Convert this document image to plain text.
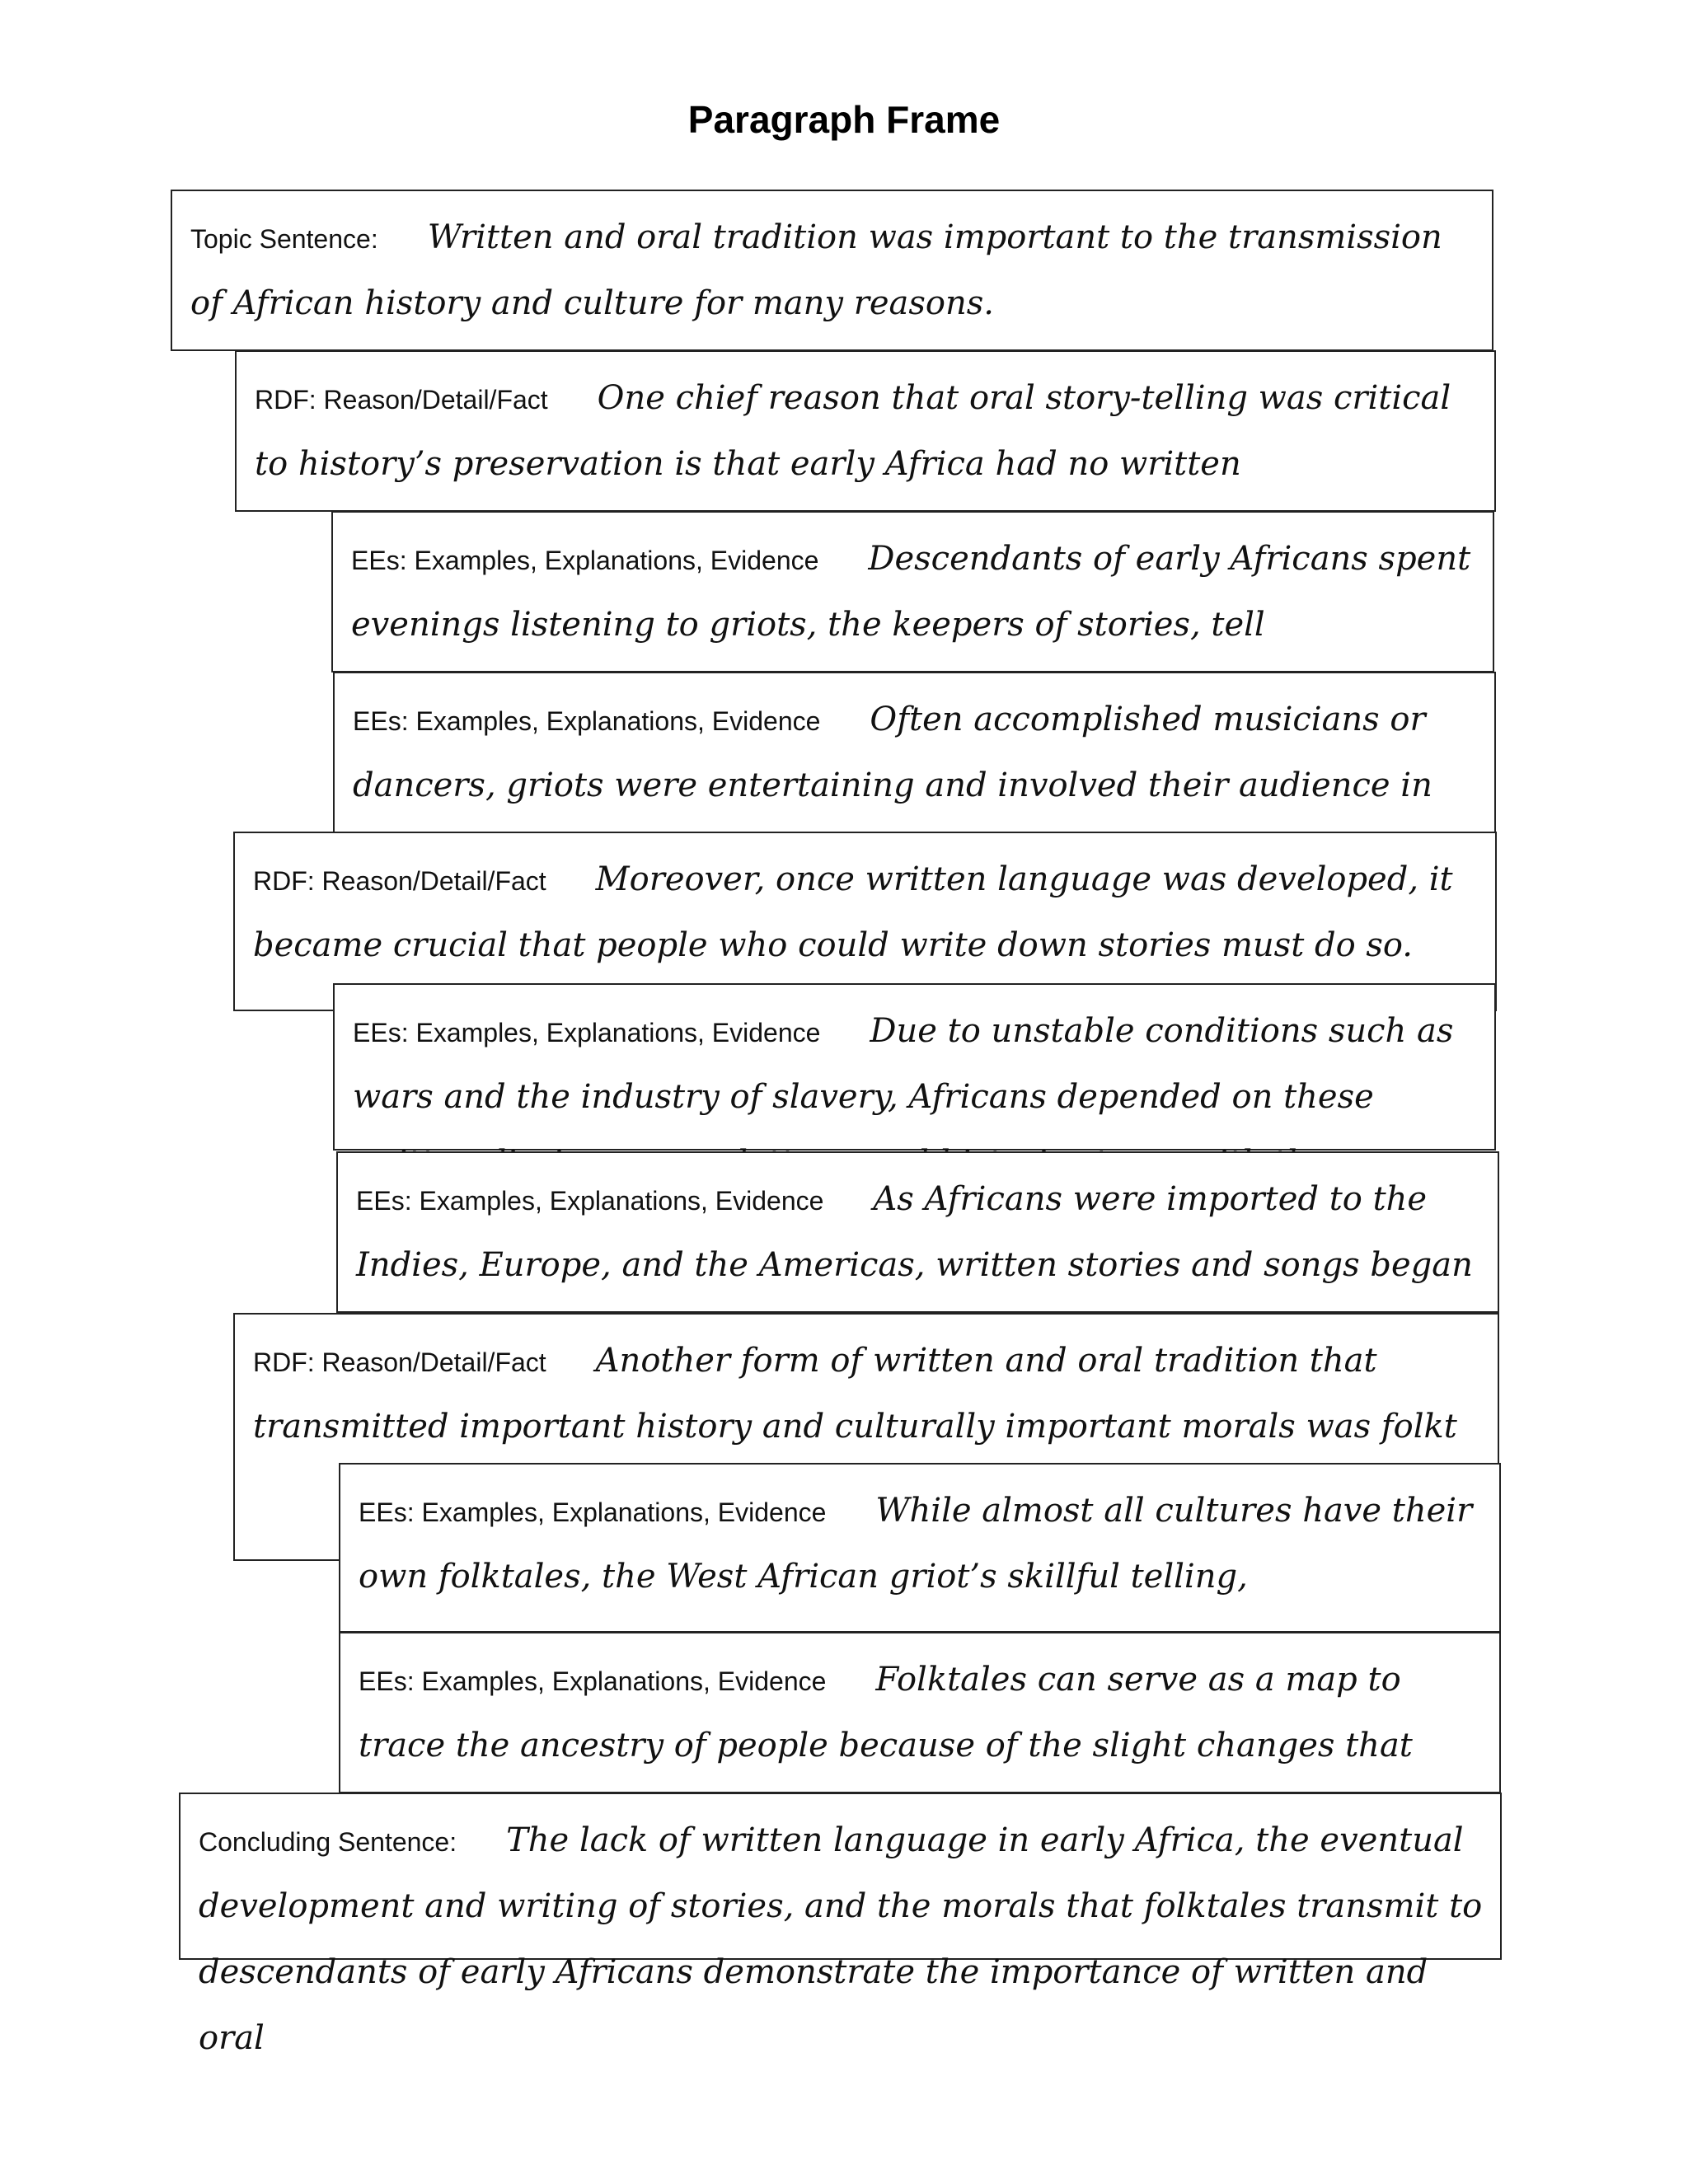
Paragraph Frame
Topic Sentence: Written and oral tradition was important to the transmission of African history and culture for many reasons.
RDF: Reason/Detail/Fact One chief reason that oral story-telling was critical to history’s preservation is that early Africa had no written
EEs: Examples, Explanations, Evidence Descendants of early Africans spent evenings listening to griots, the keepers of stories, tell
EEs: Examples, Explanations, Evidence Often accomplished musicians or dancers, griots were entertaining and involved their audience in
RDF: Reason/Detail/Fact Moreover, once written language was developed, it became crucial that people who could write down stories must do so.
EEs: Examples, Explanations, Evidence Due to unstable conditions such as wars and the industry of slavery, Africans depended on these
EEs: Examples, Explanations, Evidence As Africans were imported to the Indies, Europe, and the Americas, written stories and songs began
RDF: Reason/Detail/Fact Another form of written and oral tradition that transmitted important history and culturally important morals was folkt
EEs: Examples, Explanations, Evidence While almost all cultures have their own folktales, the West African griot’s skillful telling,
EEs: Examples, Explanations, Evidence Folktales can serve as a map to trace the ancestry of people because of the slight changes that
Concluding Sentence: The lack of written language in early Africa, the eventual development and writing of stories, and the morals that folktales transmit to descendants of early Africans demonstrate the importance of written and oral
